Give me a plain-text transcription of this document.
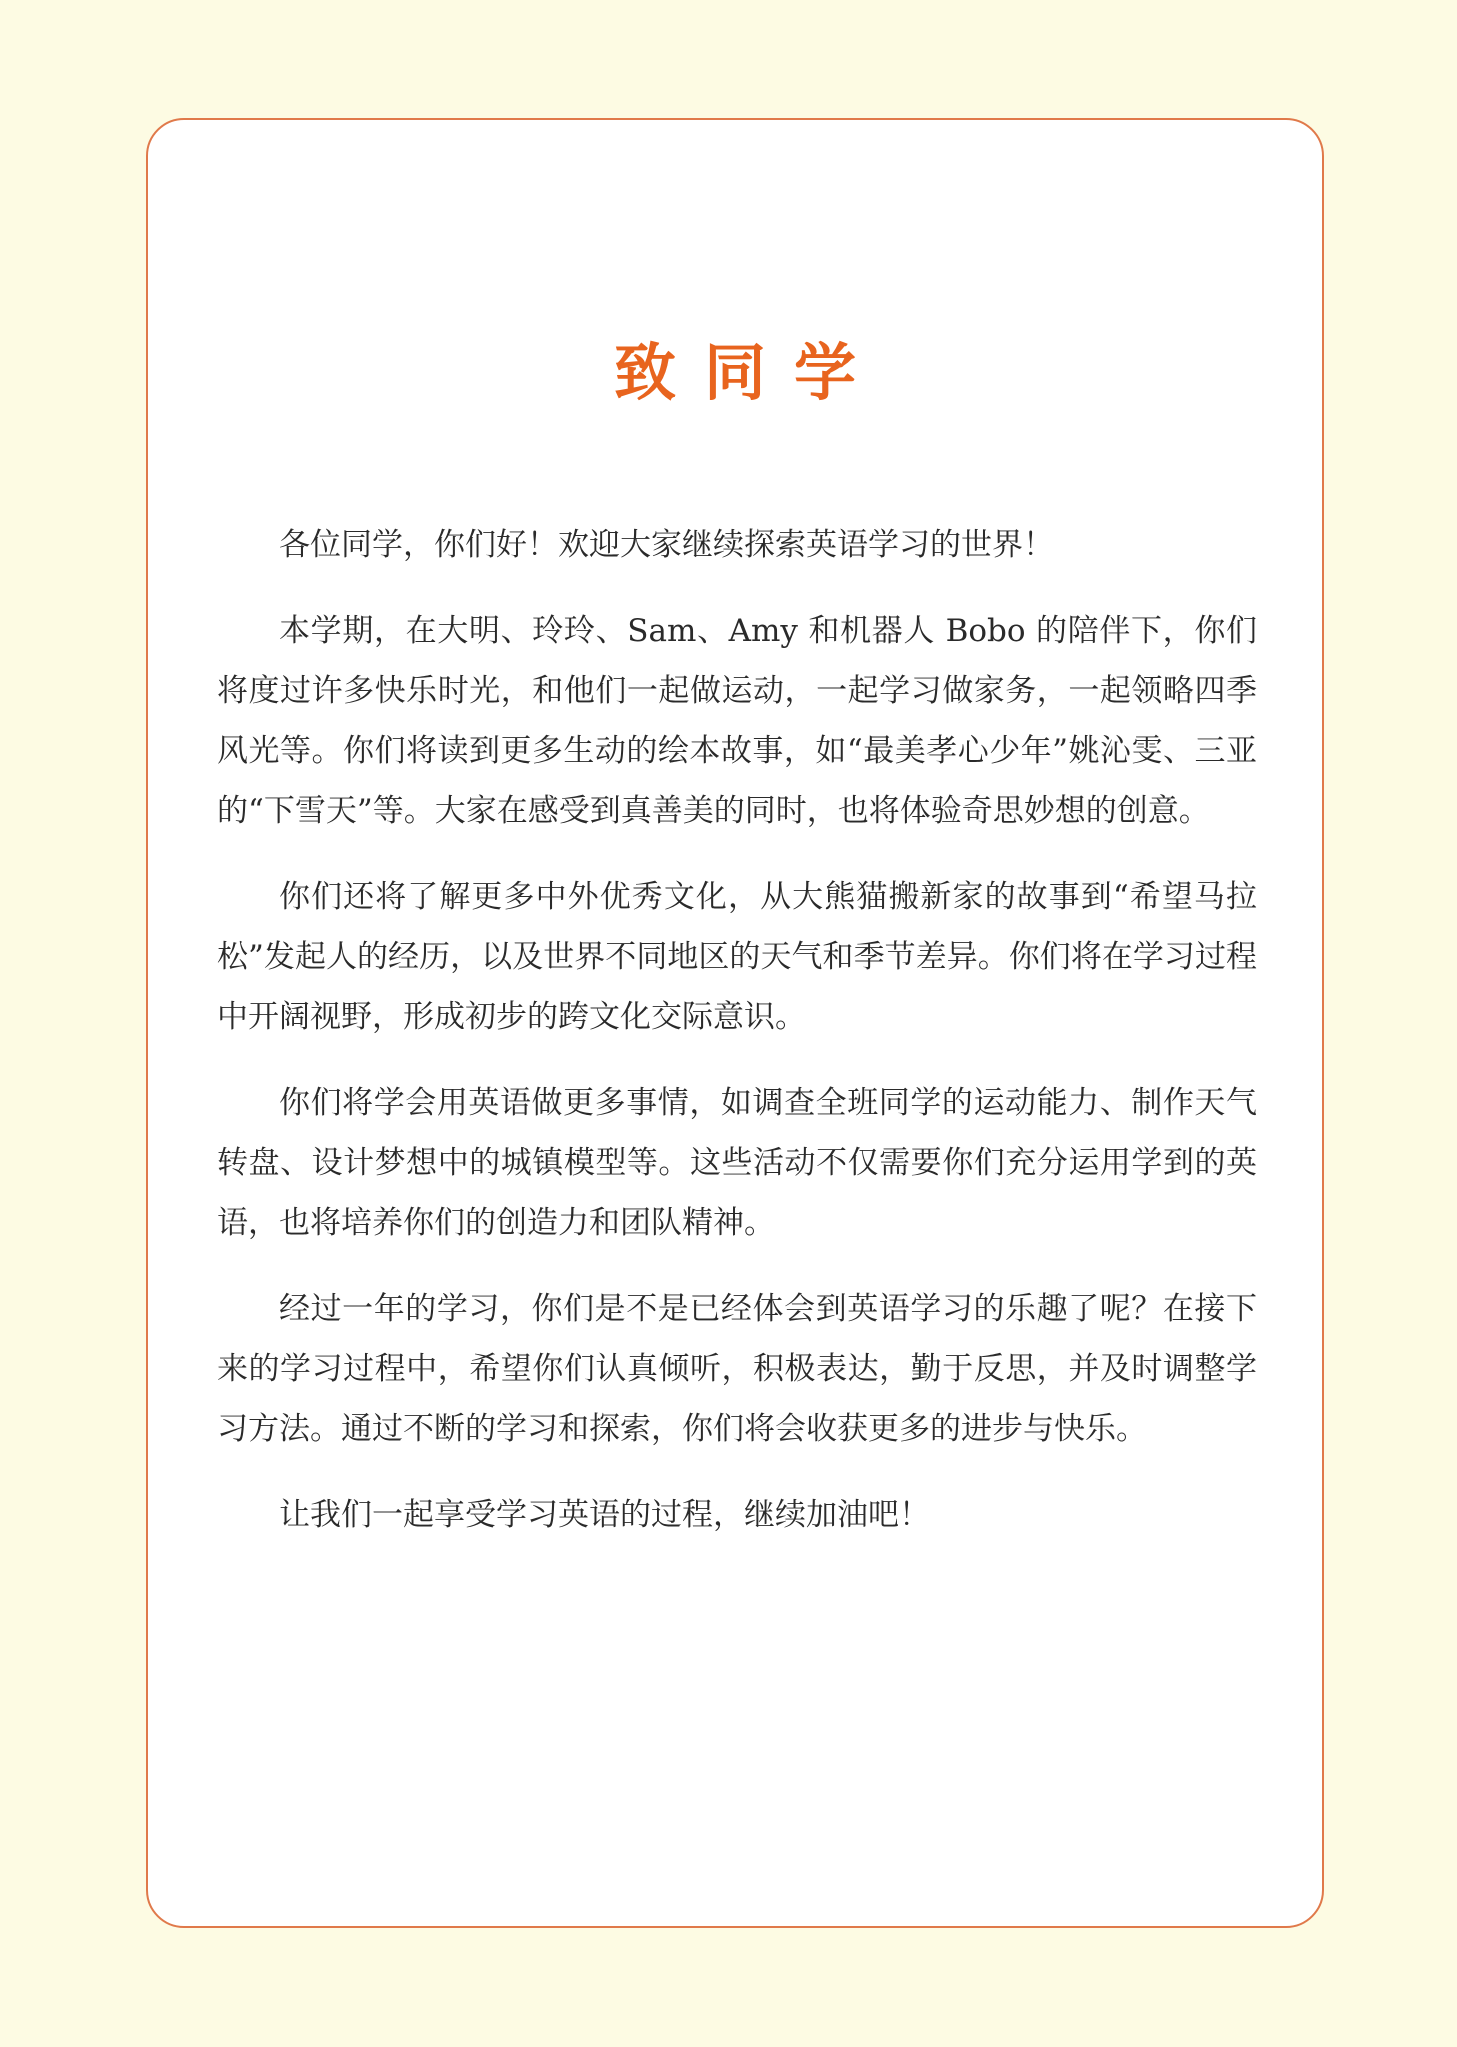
致同学

各位同学，你们好！欢迎大家继续探索英语学习的世界！

本学期，在大明、玲玲、Sam、Amy 和机器人 Bobo 的陪伴下，你们将度过许多快乐时光，和他们一起做运动，一起学习做家务，一起领略四季风光等。你们将读到更多生动的绘本故事，如“最美孝心少年”姚沁雯、三亚的“下雪天”等。大家在感受到真善美的同时，也将体验奇思妙想的创意。

你们还将了解更多中外优秀文化，从大熊猫搬新家的故事到“希望马拉松”发起人的经历，以及世界不同地区的天气和季节差异。你们将在学习过程中开阔视野，形成初步的跨文化交际意识。

你们将学会用英语做更多事情，如调查全班同学的运动能力、制作天气转盘、设计梦想中的城镇模型等。这些活动不仅需要你们充分运用学到的英语，也将培养你们的创造力和团队精神。

经过一年的学习，你们是不是已经体会到英语学习的乐趣了呢？在接下来的学习过程中，希望你们认真倾听，积极表达，勤于反思，并及时调整学习方法。通过不断的学习和探索，你们将会收获更多的进步与快乐。

让我们一起享受学习英语的过程，继续加油吧！
